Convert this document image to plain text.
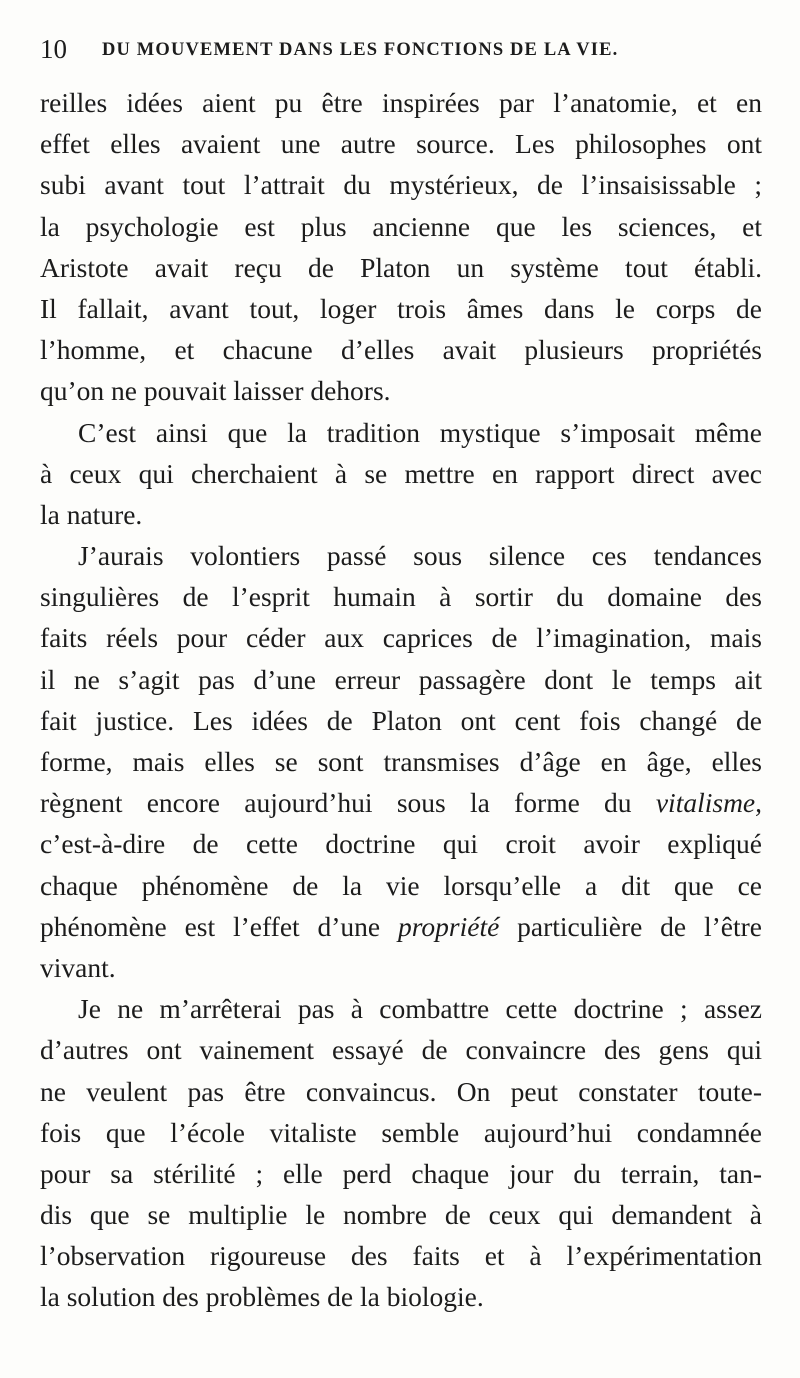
10 DU MOUVEMENT DANS LES FONCTIONS DE LA VIE.
reilles idées aient pu être inspirées par l’anatomie, et en
effet elles avaient une autre source. Les philosophes ont
subi avant tout l’attrait du mystérieux, de l’insaisissable ;
la psychologie est plus ancienne que les sciences, et
Aristote avait reçu de Platon un système tout établi.
Il fallait, avant tout, loger trois âmes dans le corps de
l’homme, et chacune d’elles avait plusieurs propriétés
qu’on ne pouvait laisser dehors.
C’est ainsi que la tradition mystique s’imposait même
à ceux qui cherchaient à se mettre en rapport direct avec
la nature.
J’aurais volontiers passé sous silence ces tendances
singulières de l’esprit humain à sortir du domaine des
faits réels pour céder aux caprices de l’imagination, mais
il ne s’agit pas d’une erreur passagère dont le temps ait
fait justice. Les idées de Platon ont cent fois changé de
forme, mais elles se sont transmises d’âge en âge, elles
règnent encore aujourd’hui sous la forme du vitalisme,
c’est-à-dire de cette doctrine qui croit avoir expliqué
chaque phénomène de la vie lorsqu’elle a dit que ce
phénomène est l’effet d’une propriété particulière de l’être
vivant.
Je ne m’arrêterai pas à combattre cette doctrine ; assez
d’autres ont vainement essayé de convaincre des gens qui
ne veulent pas être convaincus. On peut constater toute-
fois que l’école vitaliste semble aujourd’hui condamnée
pour sa stérilité ; elle perd chaque jour du terrain, tan-
dis que se multiplie le nombre de ceux qui demandent à
l’observation rigoureuse des faits et à l’expérimentation
la solution des problèmes de la biologie.
